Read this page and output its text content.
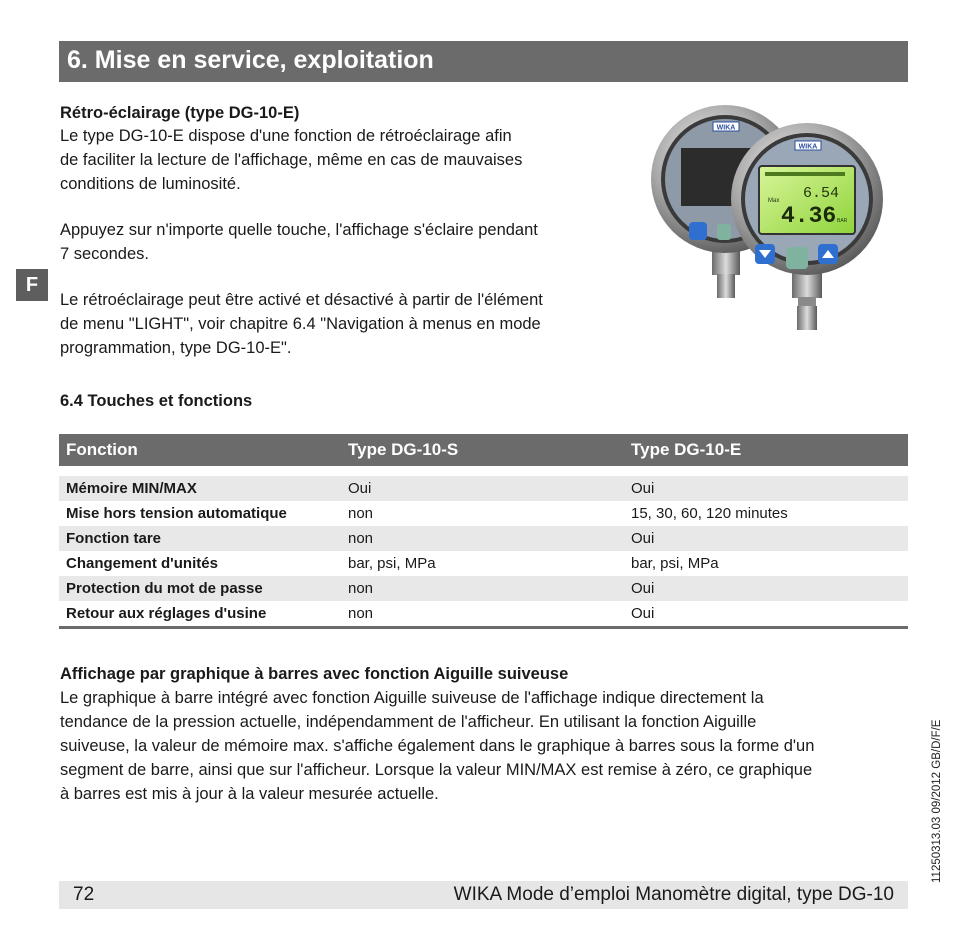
6. Mise en service, exploitation
F

Rétro-éclairage (type DG-10-E)

Le type DG-10-E dispose d'une fonction de rétroéclairage afin
de faciliter la lecture de l'affichage, même en cas de mauvaises
conditions de luminosité.

Appuyez sur n'importe quelle touche, l'affichage s'éclaire pendant
7 secondes.

Le rétroéclairage peut être activé et désactivé à partir de l'élément
de menu "LIGHT", voir chapitre 6.4 "Navigation à menus en mode
programmation, type DG-10-E".

WIKA
WIKA
Max 6.54
4.36 BAR

6.4 Touches et fonctions

Fonction	Type DG-10-S	Type DG-10-E

Mémoire MIN/MAX	Oui	Oui
Mise hors tension automatique	non	15, 30, 60, 120 minutes
Fonction tare	non	Oui
Changement d'unités	bar, psi, MPa	bar, psi, MPa
Protection du mot de passe	non	Oui
Retour aux réglages d'usine	non	Oui

Affichage par graphique à barres avec fonction Aiguille suiveuse

Le graphique à barre intégré avec fonction Aiguille suiveuse de l'affichage indique directement la
tendance de la pression actuelle, indépendamment de l'afficheur. En utilisant la fonction Aiguille
suiveuse, la valeur de mémoire max. s'affiche également dans le graphique à barres sous la forme d'un
segment de barre, ainsi que sur l'afficheur. Lorsque la valeur MIN/MAX est remise à zéro, ce graphique
à barres est mis à jour à la valeur mesurée actuelle.	11250313.03 09/2012 GB/D/F/E
72	WIKA Mode d’emploi Manomètre digital, type DG-10
